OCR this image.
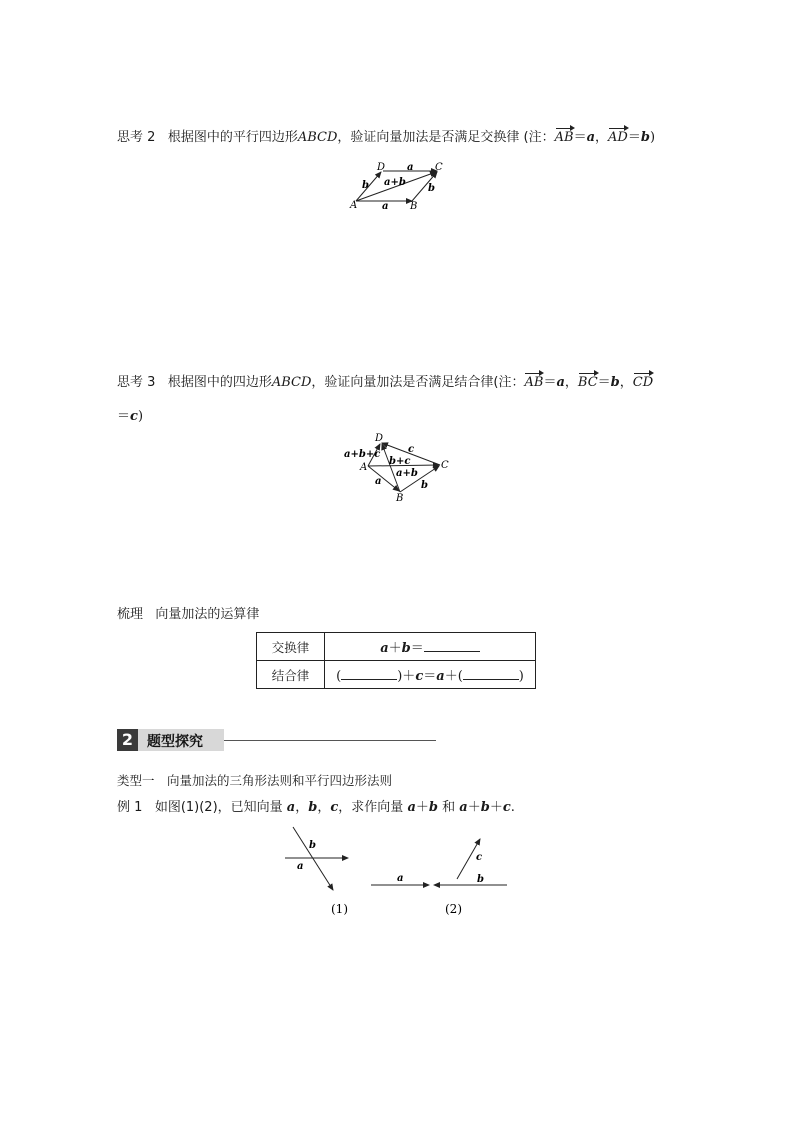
思考 2 根据图中的平行四边形ABCD，验证向量加法是否满足交换律 (注：AB＝a，AD＝b)
A	B
C
D a
a
b	b
a+b
思考 3 根据图中的四边形ABCD，验证向量加法是否满足结合律(注：AB＝a，BC＝b，CD
＝c)
A
B
C
D
c
b
a
b+c
a+b
a+b+c
梳理 向量加法的运算律
交换律	a＋b＝
结合律	( )＋c＝a＋( )
2 题型探究
类型一　向量加法的三角形法则和平行四边形法则
例 1 如图(1)(2)，已知向量 a，b，c，求作向量 a＋b 和 a＋b＋c.
b
a
(1)
a	b
c
(2)
